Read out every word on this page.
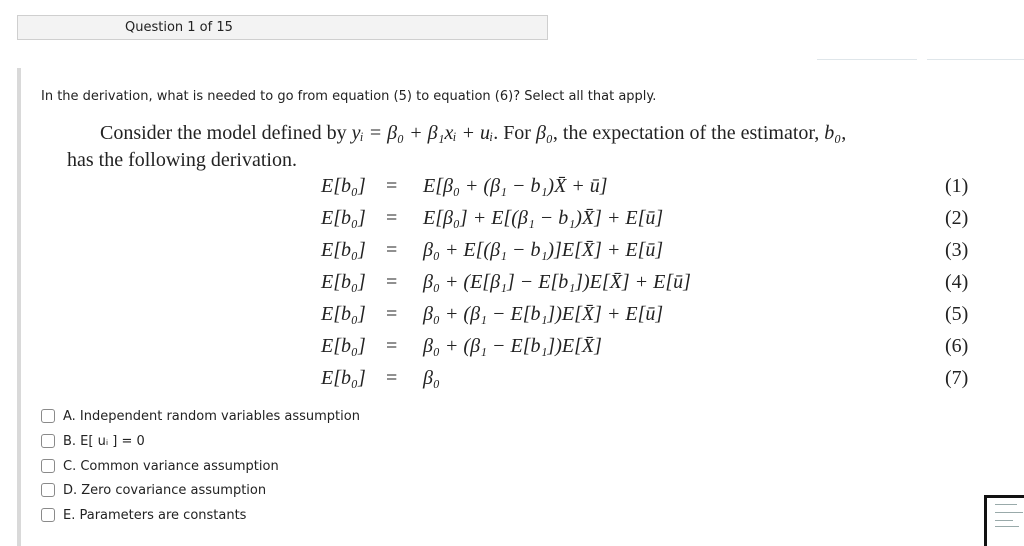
Question 1 of 15
In the derivation, what is needed to go from equation (5) to equation (6)? Select all that apply.
Consider the model defined by yᵢ = β₀ + β₁xᵢ + uᵢ. For β₀, the expectation of the estimator, b₀,
has the following derivation.
E[b₀] = E[β₀ + (β₁ − b₁)X̄ + ū]	(1)
E[b₀] = E[β₀] + E[(β₁ − b₁)X̄] + E[ū]	(2)
E[b₀] = β₀ + E[(β₁ − b₁)]E[X̄] + E[ū]	(3)
E[b₀] = β₀ + (E[β₁] − E[b₁])E[X̄] + E[ū]	(4)
E[b₀] = β₀ + (β₁ − E[b₁])E[X̄] + E[ū]	(5)
E[b₀] = β₀ + (β₁ − E[b₁])E[X̄]	(6)
E[b₀] = β₀	(7)
A. Independent random variables assumption
B. E[ uᵢ ] = 0
C. Common variance assumption
D. Zero covariance assumption
E. Parameters are constants
